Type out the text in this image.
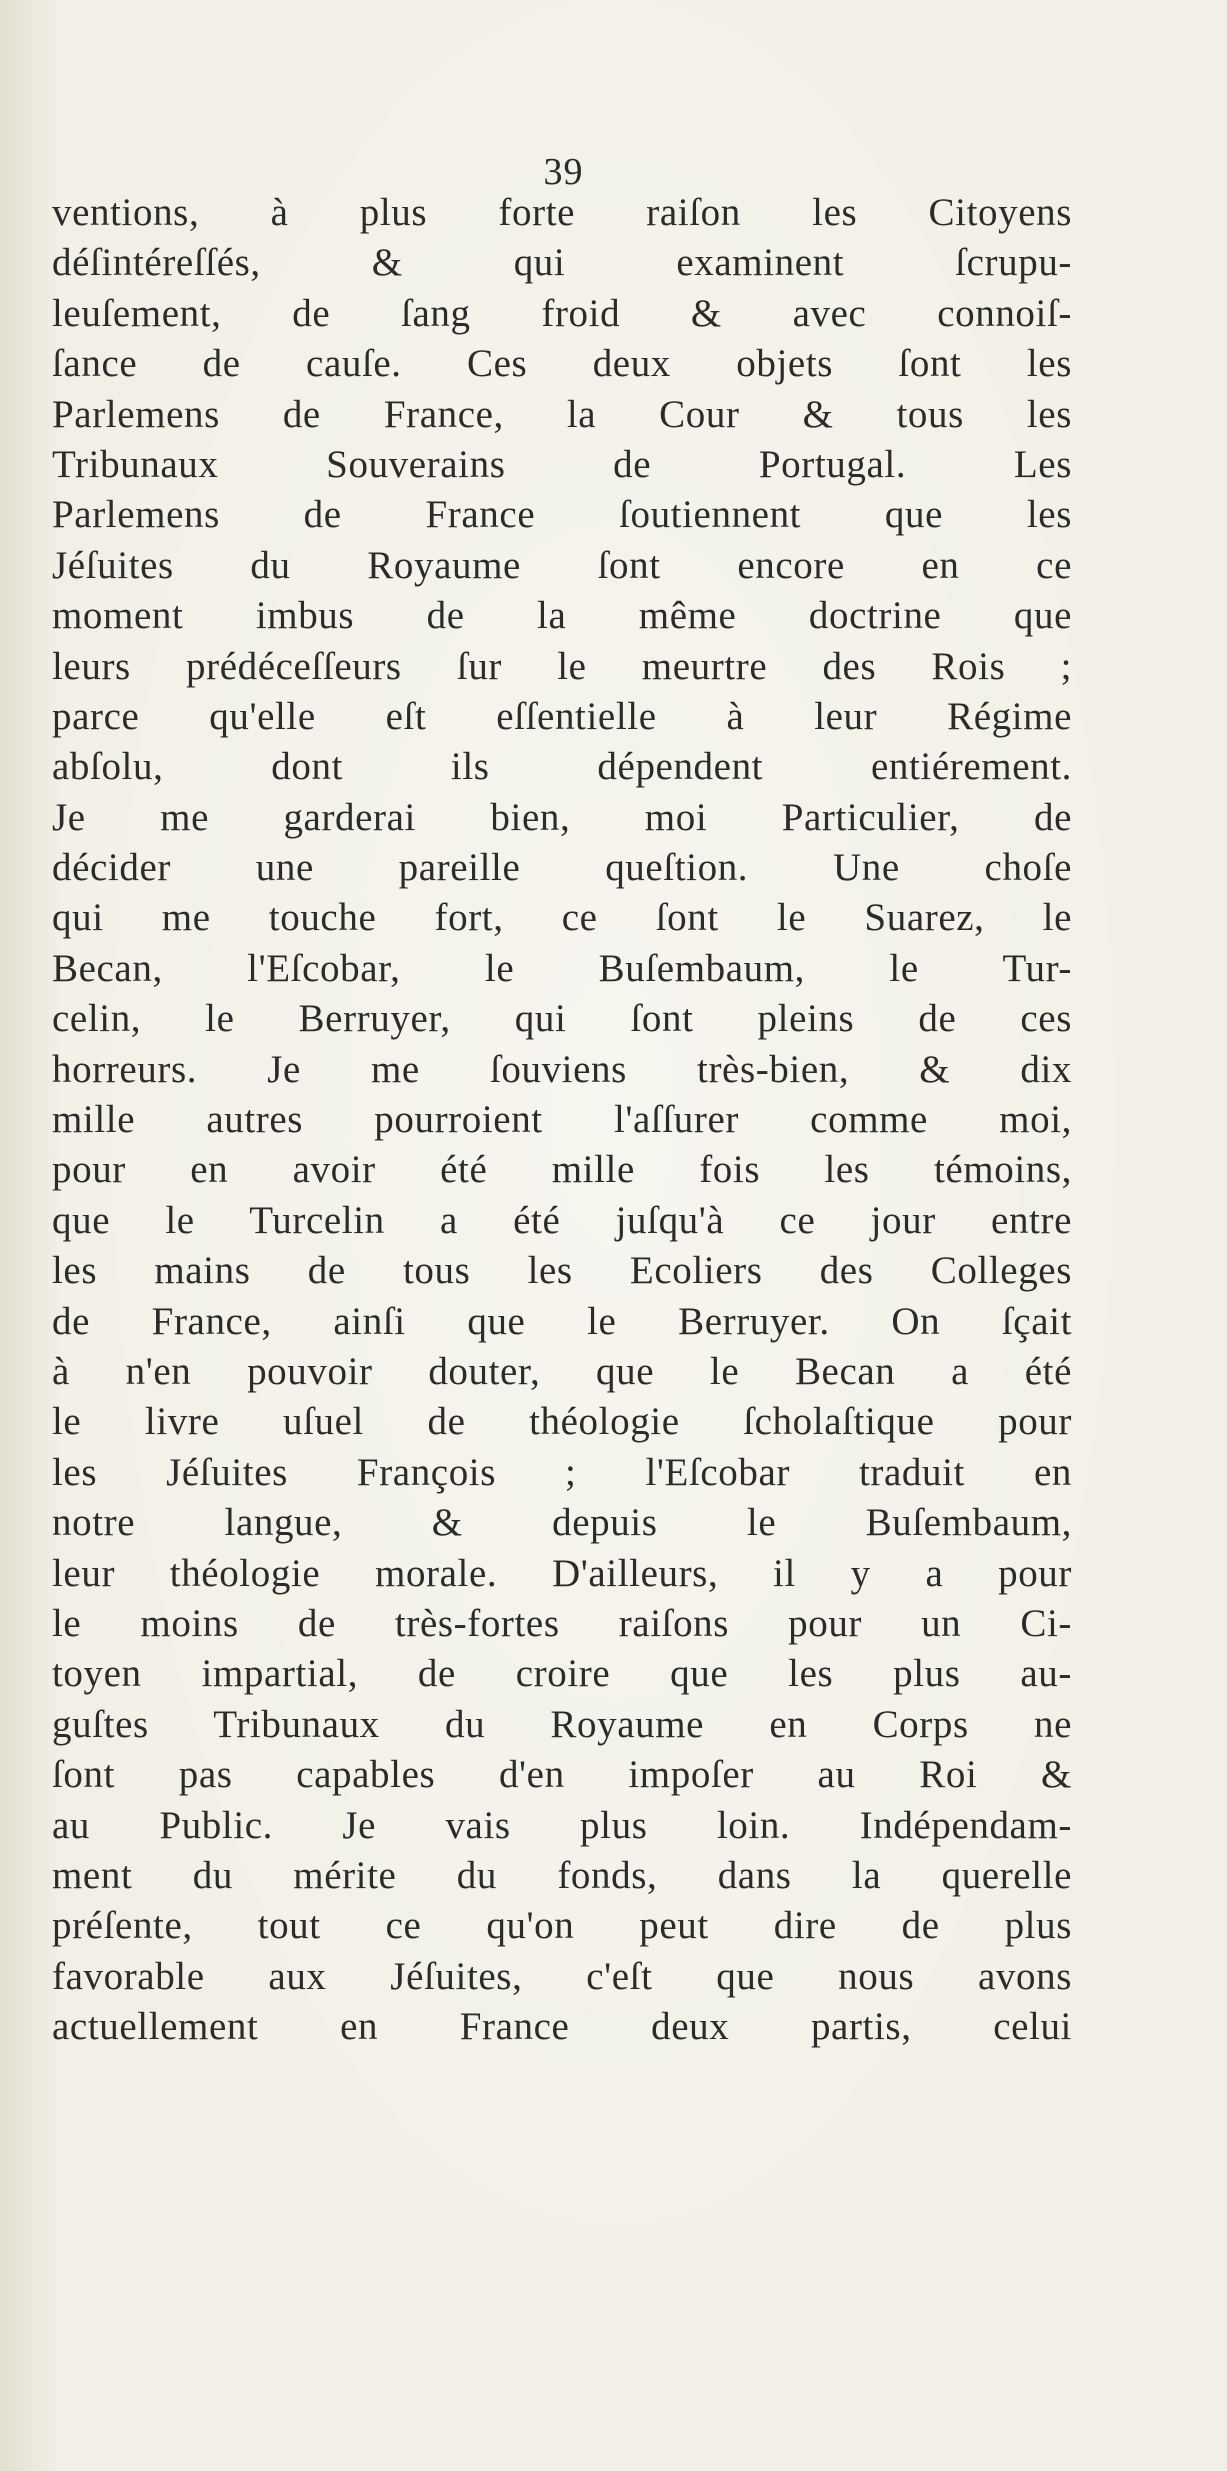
39
ventions, à plus forte raiſon les Citoyens
déſintéreſſés, & qui examinent ſcrupu-
leuſement, de ſang froid & avec connoiſ-
ſance de cauſe. Ces deux objets ſont les
Parlemens de France, la Cour & tous les
Tribunaux Souverains de Portugal. Les
Parlemens de France ſoutiennent que les
Jéſuites du Royaume ſont encore en ce
moment imbus de la même doctrine que
leurs prédéceſſeurs ſur le meurtre des Rois ;
parce qu'elle eſt eſſentielle à leur Régime
abſolu, dont ils dépendent entiérement.
Je me garderai bien, moi Particulier, de
décider une pareille queſtion. Une choſe
qui me touche fort, ce ſont le Suarez, le
Becan, l'Eſcobar, le Buſembaum, le Tur-
celin, le Berruyer, qui ſont pleins de ces
horreurs. Je me ſouviens très-bien, & dix
mille autres pourroient l'aſſurer comme moi,
pour en avoir été mille fois les témoins,
que le Turcelin a été juſqu'à ce jour entre
les mains de tous les Ecoliers des Colleges
de France, ainſi que le Berruyer. On ſçait
à n'en pouvoir douter, que le Becan a été
le livre uſuel de théologie ſcholaſtique pour
les Jéſuites François ; l'Eſcobar traduit en
notre langue, & depuis le Buſembaum,
leur théologie morale. D'ailleurs, il y a pour
le moins de très-fortes raiſons pour un Ci-
toyen impartial, de croire que les plus au-
guſtes Tribunaux du Royaume en Corps ne
ſont pas capables d'en impoſer au Roi &
au Public. Je vais plus loin. Indépendam-
ment du mérite du fonds, dans la querelle
préſente, tout ce qu'on peut dire de plus
favorable aux Jéſuites, c'eſt que nous avons
actuellement en France deux partis, celui
